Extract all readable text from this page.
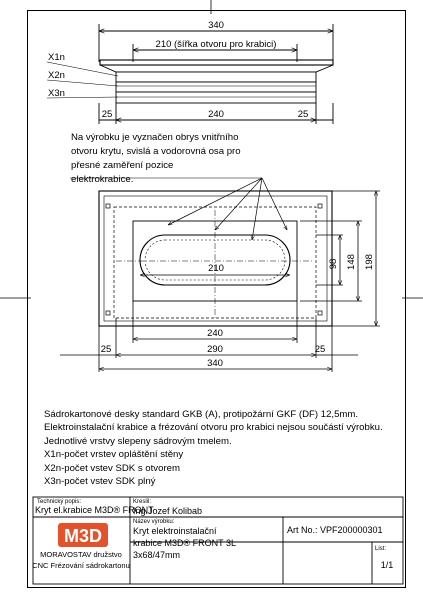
340
210 (šířka otvoru pro krabici)
25	240	25
X1n
X2n
X3n
210	98 148 198
240
25	290	25
340
Technický popis:
Kryt el.krabice M3D® FRONT
Kreslil:
Ing.Jozef Kolibab
Název výrobku:
Kryt elektroinstalační
krabice M3D® FRONT 3L
3x68/47mm
Art No.: VPF200000301
List:
1/1
M3D
MORAVOSTAV družstvo
CNC Frézování sádrokartonu
Na výrobku je vyznačen obrys vnitřního
otvoru krytu, svislá a vodorovná osa pro
přesné zaměření pozice
elektrokrabice.
Sádrokartonové desky standard GKB (A), protipožární GKF (DF) 12,5mm.
Elektroinstalační krabice a frézování otvoru pro krabici nejsou součástí výrobku.
Jednotlivé vrstvy slepeny sádrovým tmelem.
X1n-počet vrstev opláštění stěny
X2n-počet vstev SDK s otvorem
X3n-počet vstev SDK plný
